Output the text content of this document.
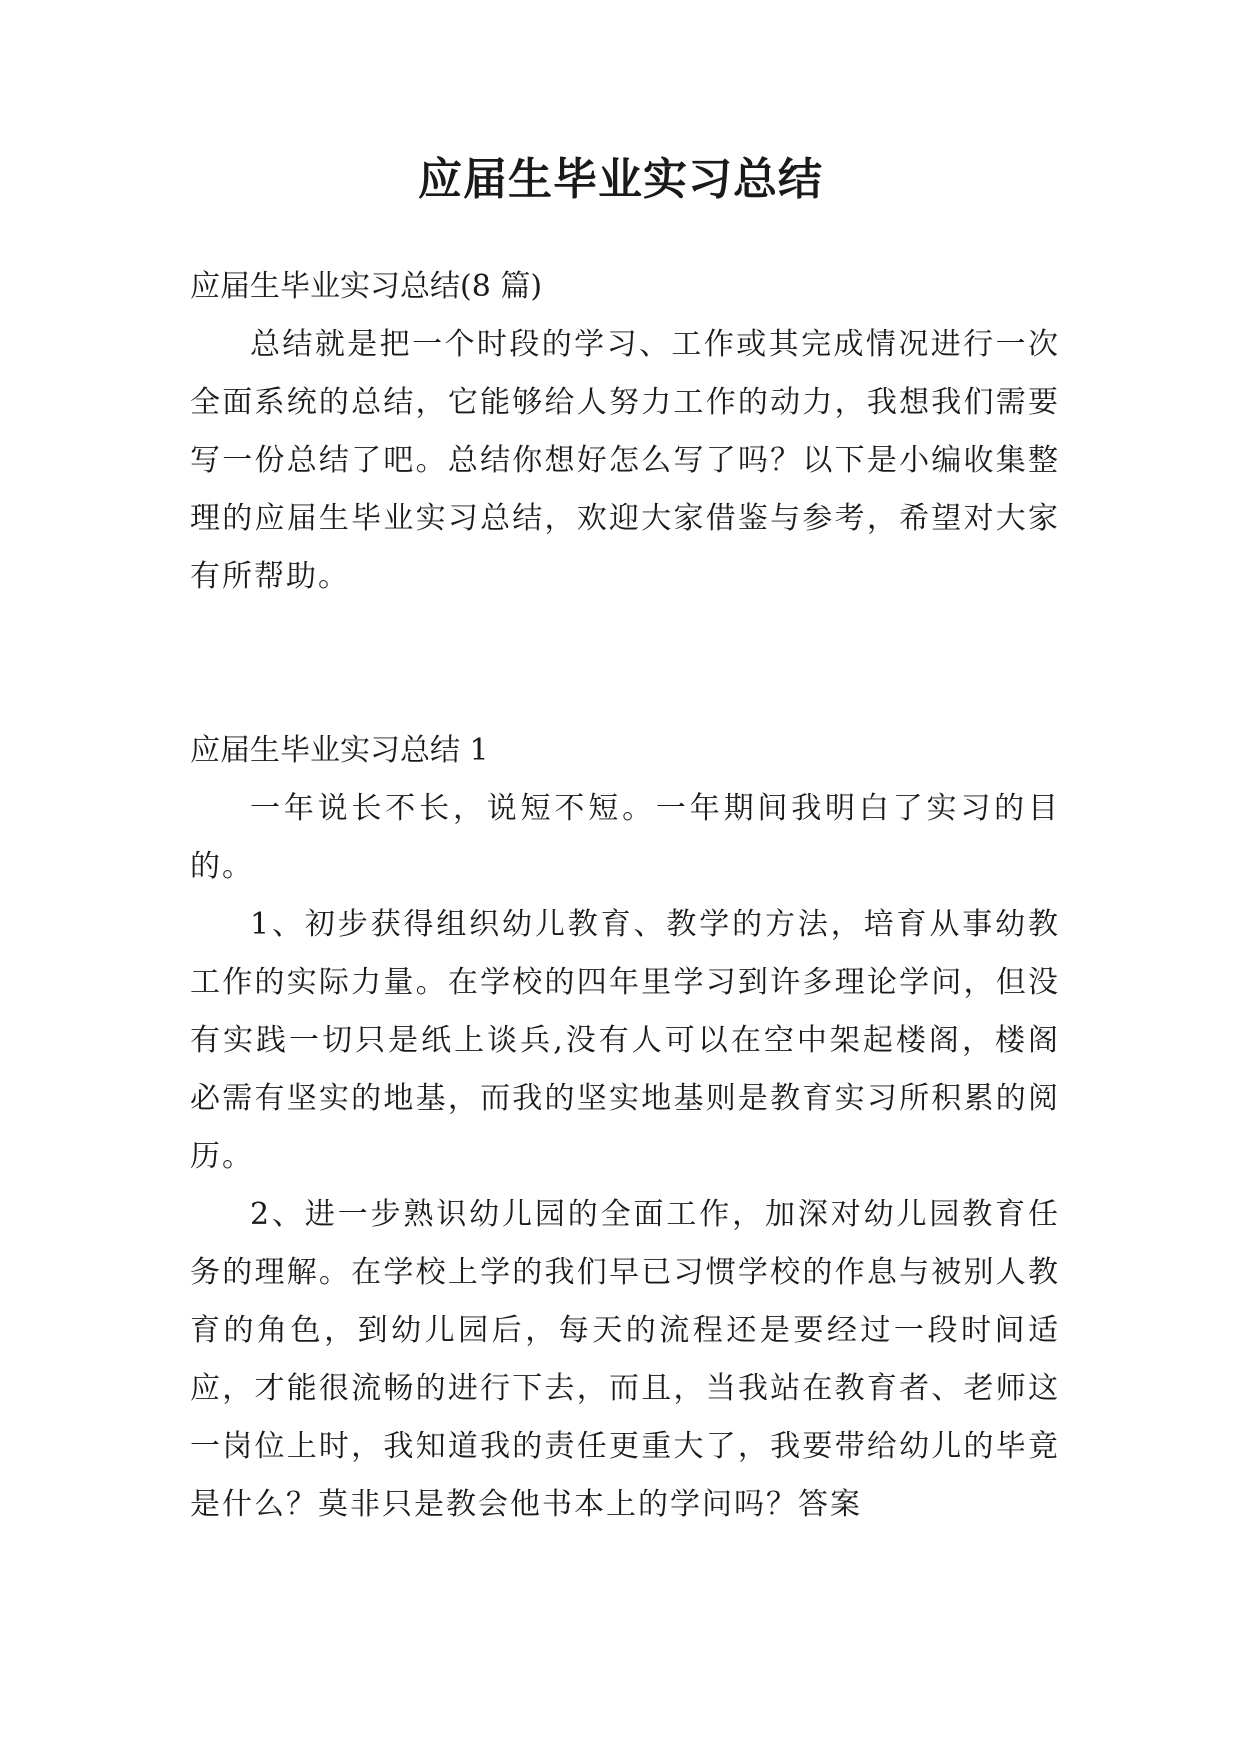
应届生毕业实习总结

应届生毕业实习总结(8 篇)

总结就是把一个时段的学习、工作或其完成情况进行一次全面系统的总结，它能够给人努力工作的动力，我想我们需要写一份总结了吧。总结你想好怎么写了吗？以下是小编收集整理的应届生毕业实习总结，欢迎大家借鉴与参考，希望对大家有所帮助。

应届生毕业实习总结 1

一年说长不长，说短不短。一年期间我明白了实习的目的。

1、初步获得组织幼儿教育、教学的方法，培育从事幼教工作的实际力量。在学校的四年里学习到许多理论学问，但没有实践一切只是纸上谈兵,没有人可以在空中架起楼阁，楼阁必需有坚实的地基，而我的坚实地基则是教育实习所积累的阅历。

2、进一步熟识幼儿园的全面工作，加深对幼儿园教育任务的理解。在学校上学的我们早已习惯学校的作息与被别人教育的角色，到幼儿园后，每天的流程还是要经过一段时间适应，才能很流畅的进行下去，而且，当我站在教育者、老师这一岗位上时，我知道我的责任更重大了，我要带给幼儿的毕竟是什么？莫非只是教会他书本上的学问吗？答案
